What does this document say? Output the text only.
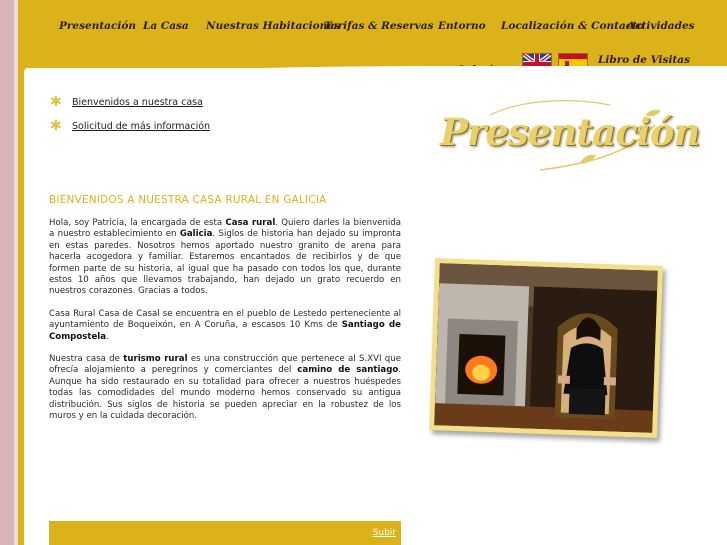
Presentación La Casa Nuestras Habitaciones
Tarifas & Reservas Entorno Localización & Contacto
Actividades
Libro de Visitas

✱ Bienvenidos a nuestra casa
✱ Solicitud de más información	Presentación
BIENVENIDOS A NUESTRA CASA RURAL EN GALICIA

Hola, soy Patricia, la encargada de esta Casa rural. Quiero darles la bienvenida a nuestro establecimiento en Galicia. Siglos de historia han dejado su impronta en estas paredes. Nosotros hemos aportado nuestro granito de arena para hacerla acogedora y familiar. Estaremos encantados de recibirlos y de que formen parte de su historia, al igual que ha pasado con todos los que, durante estos 10 años que llevamos trabajando, han dejado un grato recuerdo en nuestros corazones. Gracias a todos.

Casa Rural Casa de Casal se encuentra en el pueblo de Lestedo perteneciente al ayuntamiento de Boqueixón, en A Coruña, a escasos 10 Kms de Santiago de Compostela.

Nuestra casa de turismo rural es una construcción que pertenece al S.XVI que ofrecía alojamiento a peregrinos y comerciantes del camino de santiago. Aunque ha sido restaurado en su totalidad para ofrecer a nuestros huéspedes todas las comodidades del mundo moderno hemos conservado su antigua distribución. Sus siglos de historia se pueden apreciar en la robustez de los muros y en la cuidada decoración.

Subir
